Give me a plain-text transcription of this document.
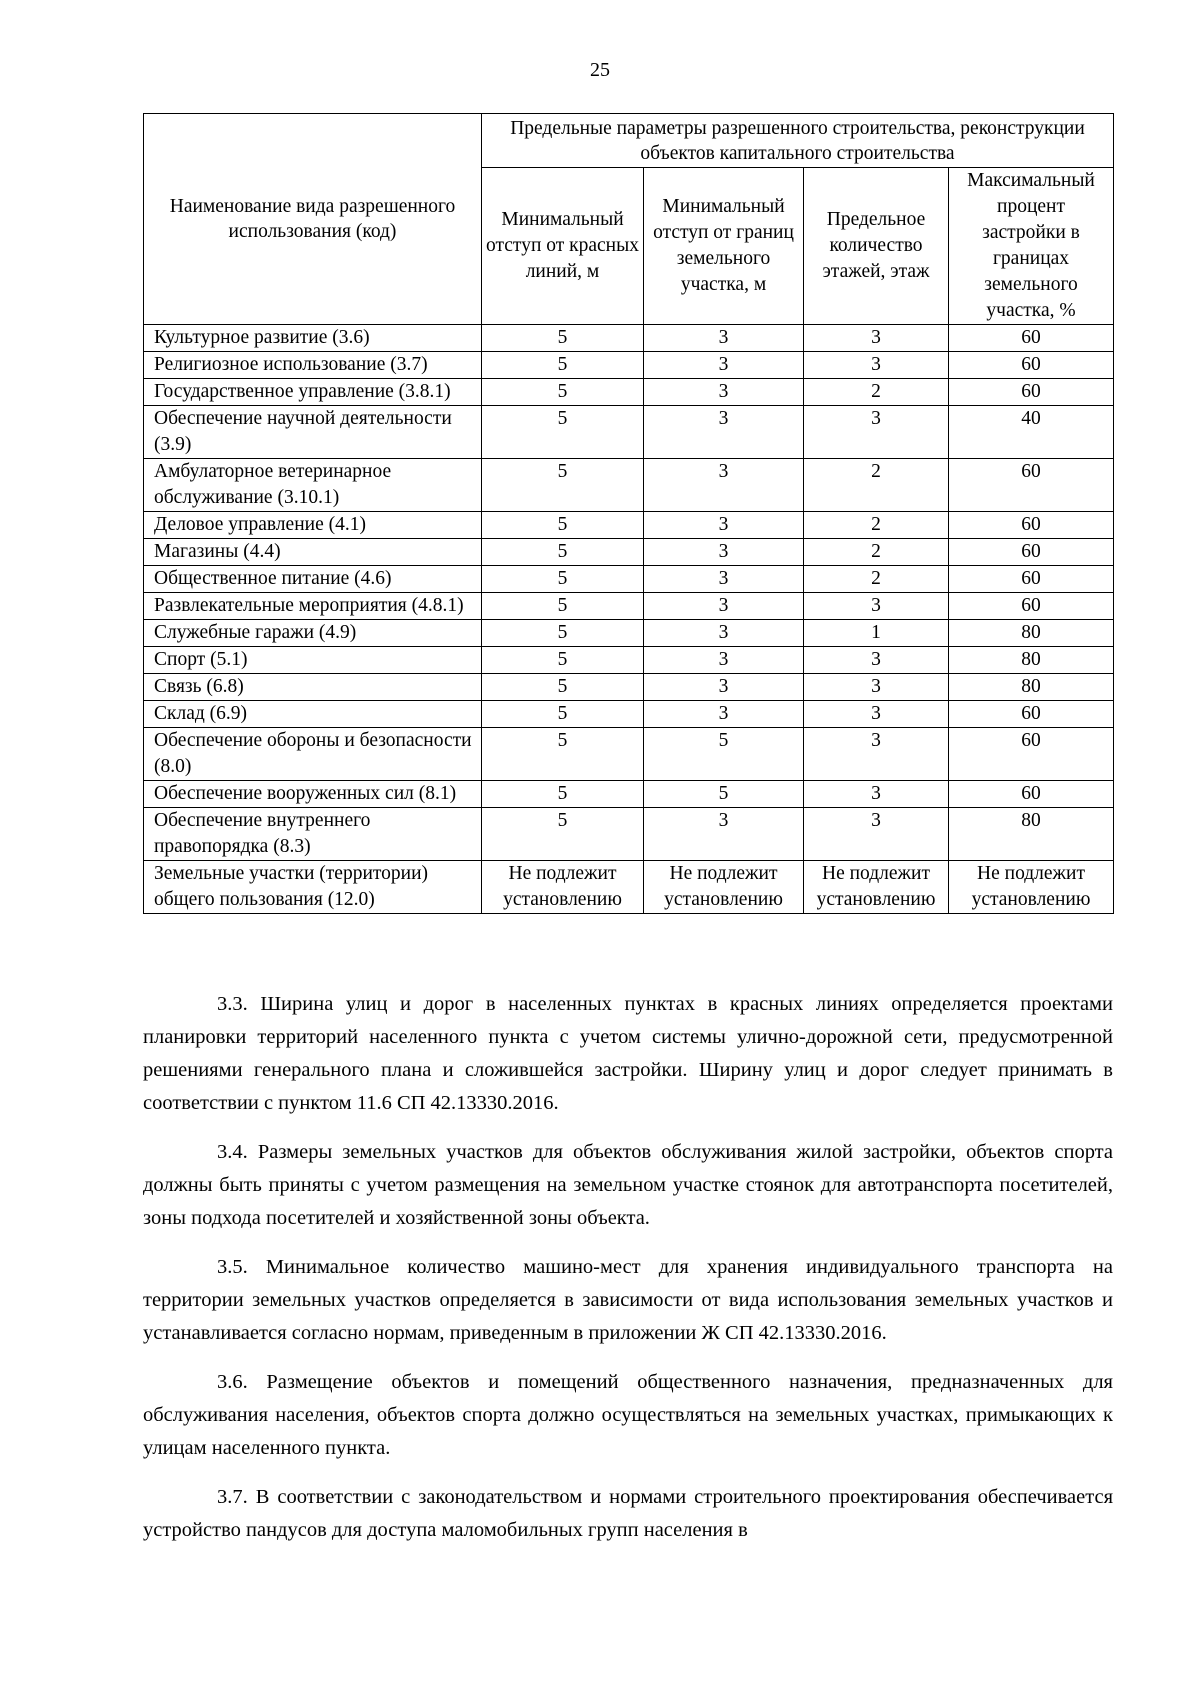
25
Наименование вида разрешенного использования (код)	Предельные параметры разрешенного строительства, реконструкции объектов капитального строительства			
	Минимальный отступ от красных линий, м	Минимальный отступ от границ земельного участка, м	Предельное количество этажей, этаж	Максимальный процент застройки в границах земельного участка, %
Культурное развитие (3.6)	5	3	3	60
Религиозное использование (3.7)	5	3	3	60
Государственное управление (3.8.1)	5	3	2	60
Обеспечение научной деятельности (3.9)	5	3	3	40
Амбулаторное ветеринарное обслуживание (3.10.1)	5	3	2	60
Деловое управление (4.1)	5	3	2	60
Магазины (4.4)	5	3	2	60
Общественное питание (4.6)	5	3	2	60
Развлекательные мероприятия (4.8.1)	5	3	3	60
Служебные гаражи (4.9)	5	3	1	80
Спорт (5.1)	5	3	3	80
Связь (6.8)	5	3	3	80
Склад (6.9)	5	3	3	60
Обеспечение обороны и безопасности (8.0)	5	5	3	60
Обеспечение вооруженных сил (8.1)	5	5	3	60
Обеспечение внутреннего правопорядка (8.3)	5	3	3	80
Земельные участки (территории) общего пользования (12.0)	Не подлежит установлению	Не подлежит установлению	Не подлежит установлению	Не подлежит установлению

3.3. Ширина улиц и дорог в населенных пунктах в красных линиях определяется проектами планировки территорий населенного пункта с учетом системы улично-дорожной сети, предусмотренной решениями генерального плана и сложившейся застройки. Ширину улиц и дорог следует принимать в соответствии с пунктом 11.6 СП 42.13330.2016.

3.4. Размеры земельных участков для объектов обслуживания жилой застройки, объектов спорта должны быть приняты с учетом размещения на земельном участке стоянок для автотранспорта посетителей, зоны подхода посетителей и хозяйственной зоны объекта.

3.5. Минимальное количество машино-мест для хранения индивидуального транспорта на территории земельных участков определяется в зависимости от вида использования земельных участков и устанавливается согласно нормам, приведенным в приложении Ж СП 42.13330.2016.

3.6. Размещение объектов и помещений общественного назначения, предназначенных для обслуживания населения, объектов спорта должно осуществляться на земельных участках, примыкающих к улицам населенного пункта.

3.7. В соответствии с законодательством и нормами строительного проектирования обеспечивается устройство пандусов для доступа маломобильных групп населения в
